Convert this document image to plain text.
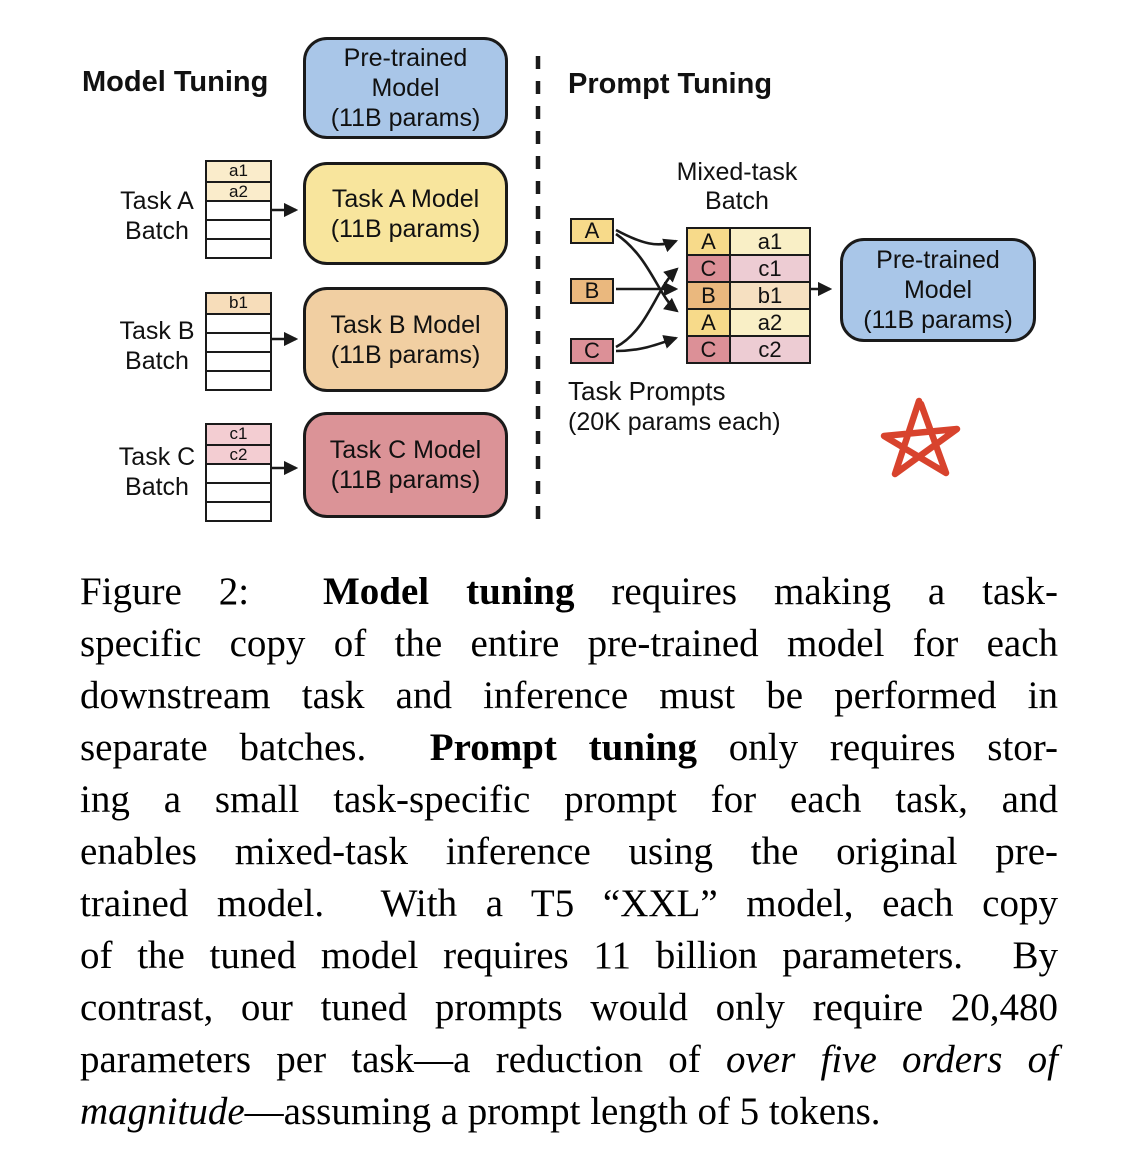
Model Tuning
Pre-trained
Model
(11B params)
Task A
Batch
a1
a2	Task A Model
(11B params)
Task B
Batch
b1
Task B Model
(11B params)
Task C
Batch
c1
c2	Task C Model
(11B params)
Prompt Tuning
Mixed-task
Batch
A
B
C
A	a1
C	c1
B	b1
A	a2
C	c2
Pre-trained
Model
(11B params)
Task Prompts
(20K params each)
Figure 2:  Model tuning requires making a task-
specific copy of the entire pre-trained model for each
downstream task and inference must be performed in
separate batches.  Prompt tuning only requires stor-
ing a small task-specific prompt for each task, and
enables mixed-task inference using the original pre-
trained model.  With a T5 “XXL” model, each copy
of the tuned model requires 11 billion parameters.  By
contrast, our tuned prompts would only require 20,480
parameters per task—a reduction of over five orders of
magnitude—assuming a prompt length of 5 tokens.
